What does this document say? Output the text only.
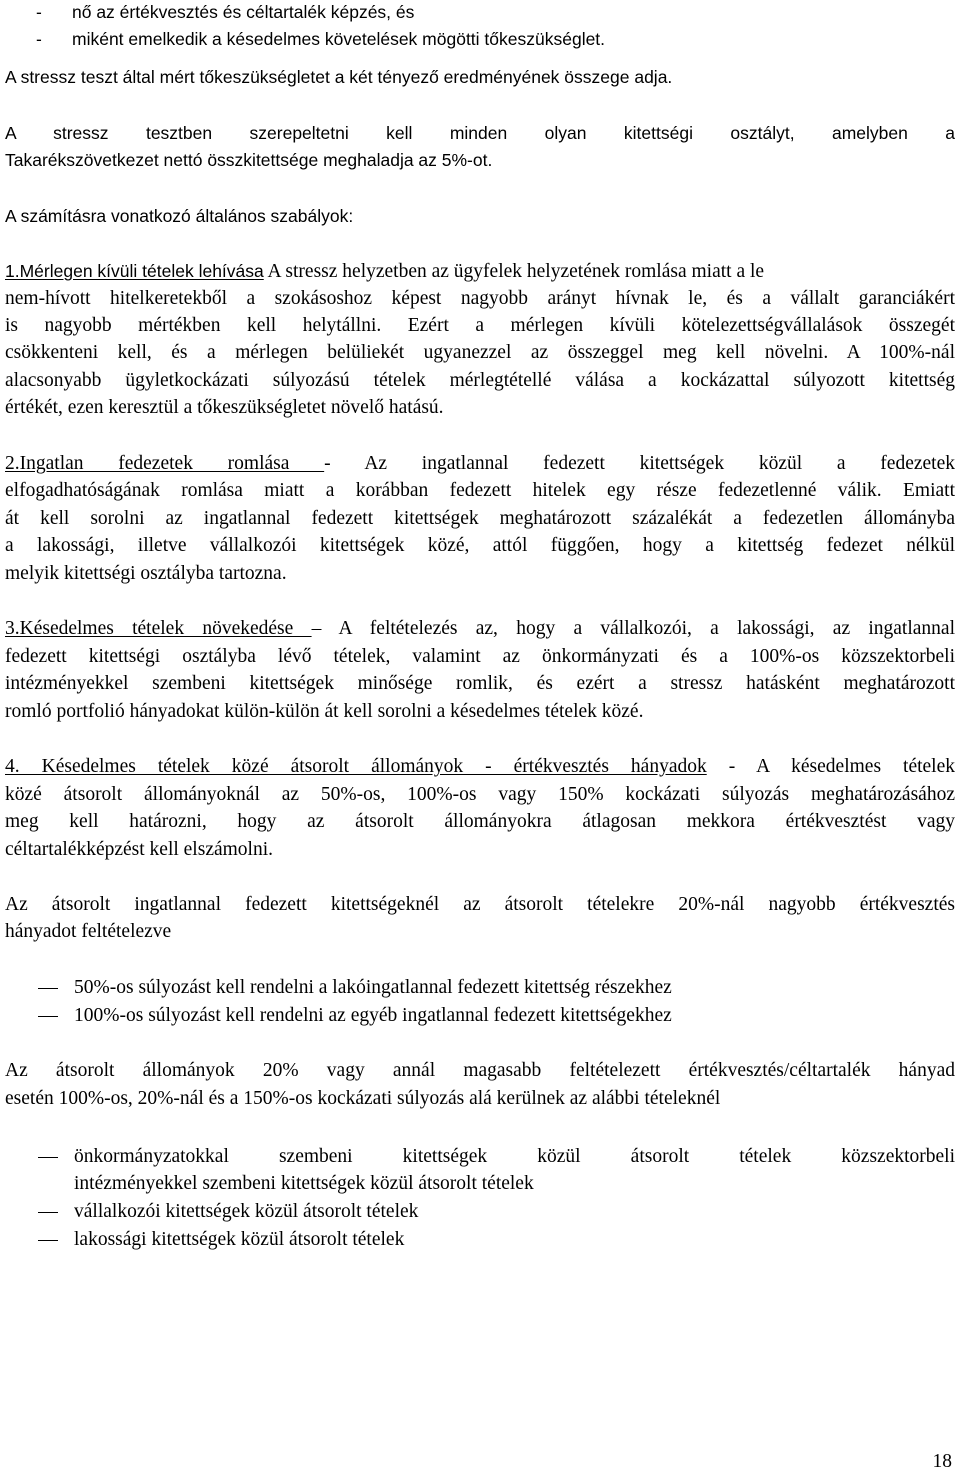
- nő az értékvesztés és céltartalék képzés, és
- miként emelkedik a késedelmes követelések mögötti tőkeszükséglet.
A stressz teszt által mért tőkeszükségletet a két tényező eredményének összege adja.
A stressz tesztben szerepeltetni kell minden olyan kitettségi osztályt, amelyben a
Takarékszövetkezet nettó összkitettsége meghaladja az 5%-ot.
A számításra vonatkozó általános szabályok:
1.Mérlegen kívüli tételek lehívása A stressz helyzetben az ügyfelek helyzetének romlása miatt a le
nem-hívott hitelkeretekből a szokásoshoz képest nagyobb arányt hívnak le, és a vállalt garanciákért
is nagyobb mértékben kell helytállni. Ezért a mérlegen kívüli kötelezettségvállalások összegét
csökkenteni kell, és a mérlegen belüliekét ugyanezzel az összeggel meg kell növelni. A 100%-nál
alacsonyabb ügyletkockázati súlyozású tételek mérlegtétellé válása a kockázattal súlyozott kitettség
értékét, ezen keresztül a tőkeszükségletet növelő hatású.
2.Ingatlan fedezetek romlása - Az ingatlannal fedezett kitettségek közül a fedezetek
elfogadhatóságának romlása miatt a korábban fedezett hitelek egy része fedezetlenné válik. Emiatt
át kell sorolni az ingatlannal fedezett kitettségek meghatározott százalékát a fedezetlen állományba
a lakossági, illetve vállalkozói kitettségek közé, attól függően, hogy a kitettség fedezet nélkül
melyik kitettségi osztályba tartozna.
3.Késedelmes tételek növekedése – A feltételezés az, hogy a vállalkozói, a lakossági, az ingatlannal
fedezett kitettségi osztályba lévő tételek, valamint az önkormányzati és a 100%-os közszektorbeli
intézményekkel szembeni kitettségek minősége romlik, és ezért a stressz hatásként meghatározott
romló portfolió hányadokat külön-külön át kell sorolni a késedelmes tételek közé.
4. Késedelmes tételek közé átsorolt állományok - értékvesztés hányadok - A késedelmes tételek
közé átsorolt állományoknál az 50%-os, 100%-os vagy 150% kockázati súlyozás meghatározásához
meg kell határozni, hogy az átsorolt állományokra átlagosan mekkora értékvesztést vagy
céltartalékképzést kell elszámolni.
Az átsorolt ingatlannal fedezett kitettségeknél az átsorolt tételekre 20%-nál nagyobb értékvesztés
hányadot feltételezve
50%-os súlyozást kell rendelni a lakóingatlannal fedezett kitettség részekhez
100%-os súlyozást kell rendelni az egyéb ingatlannal fedezett kitettségekhez
Az átsorolt állományok 20% vagy annál magasabb feltételezett értékvesztés/céltartalék hányad
esetén 100%-os, 20%-nál és a 150%-os kockázati súlyozás alá kerülnek az alábbi tételeknél
önkormányzatokkal szembeni kitettségek közül átsorolt tételek közszektorbeli
intézményekkel szembeni kitettségek közül átsorolt tételek
vállalkozói kitettségek közül átsorolt tételek
lakossági kitettségek közül átsorolt tételek
18
